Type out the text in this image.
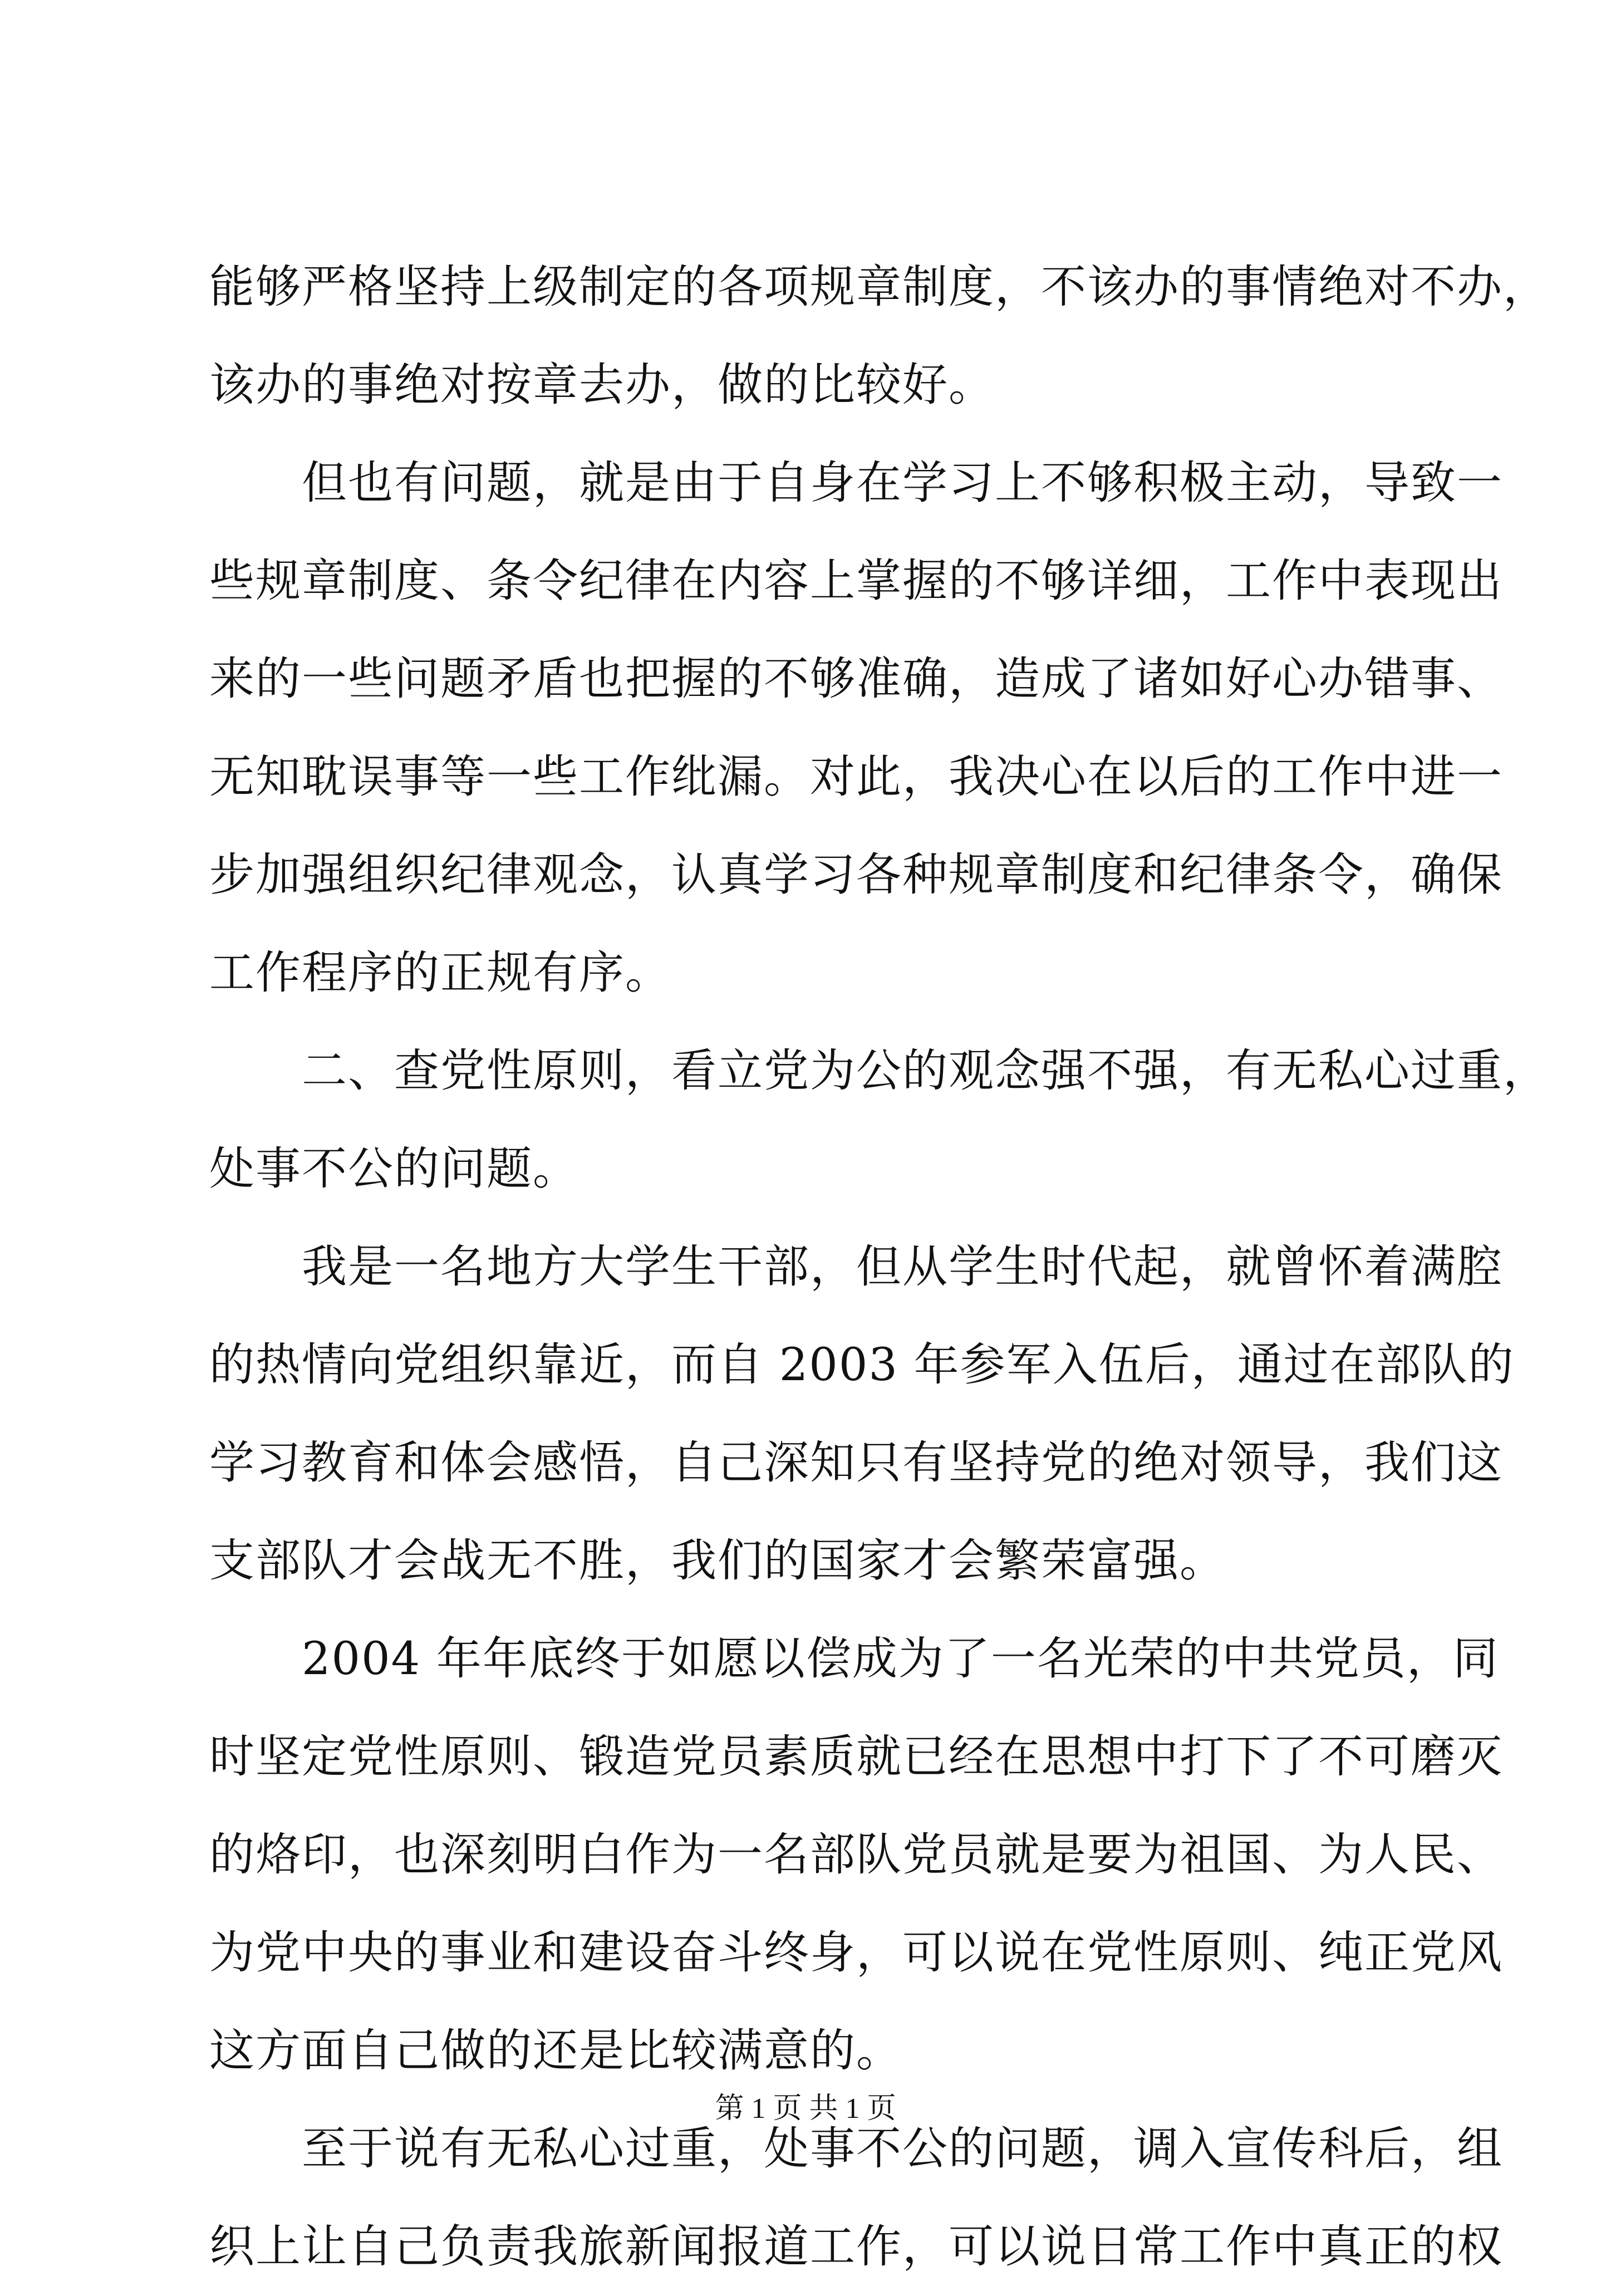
能够严格坚持上级制定的各项规章制度，不该办的事情绝对不办，
该办的事绝对按章去办，做的比较好。
但也有问题，就是由于自身在学习上不够积极主动，导致一
些规章制度、条令纪律在内容上掌握的不够详细，工作中表现出
来的一些问题矛盾也把握的不够准确，造成了诸如好心办错事、
无知耽误事等一些工作纰漏。对此，我决心在以后的工作中进一
步加强组织纪律观念，认真学习各种规章制度和纪律条令，确保
工作程序的正规有序。
二、查党性原则，看立党为公的观念强不强，有无私心过重，
处事不公的问题。
我是一名地方大学生干部，但从学生时代起，就曾怀着满腔
的热情向党组织靠近，而自 2003 年参军入伍后，通过在部队的
学习教育和体会感悟，自己深知只有坚持党的绝对领导，我们这
支部队才会战无不胜，我们的国家才会繁荣富强。
2004 年年底终于如愿以偿成为了一名光荣的中共党员，同
时坚定党性原则、锻造党员素质就已经在思想中打下了不可磨灭
的烙印，也深刻明白作为一名部队党员就是要为祖国、为人民、
为党中央的事业和建设奋斗终身，可以说在党性原则、纯正党风
这方面自己做的还是比较满意的。
至于说有无私心过重，处事不公的问题，调入宣传科后，组
织上让自己负责我旅新闻报道工作，可以说日常工作中真正的权
第 1 页 共 1 页
